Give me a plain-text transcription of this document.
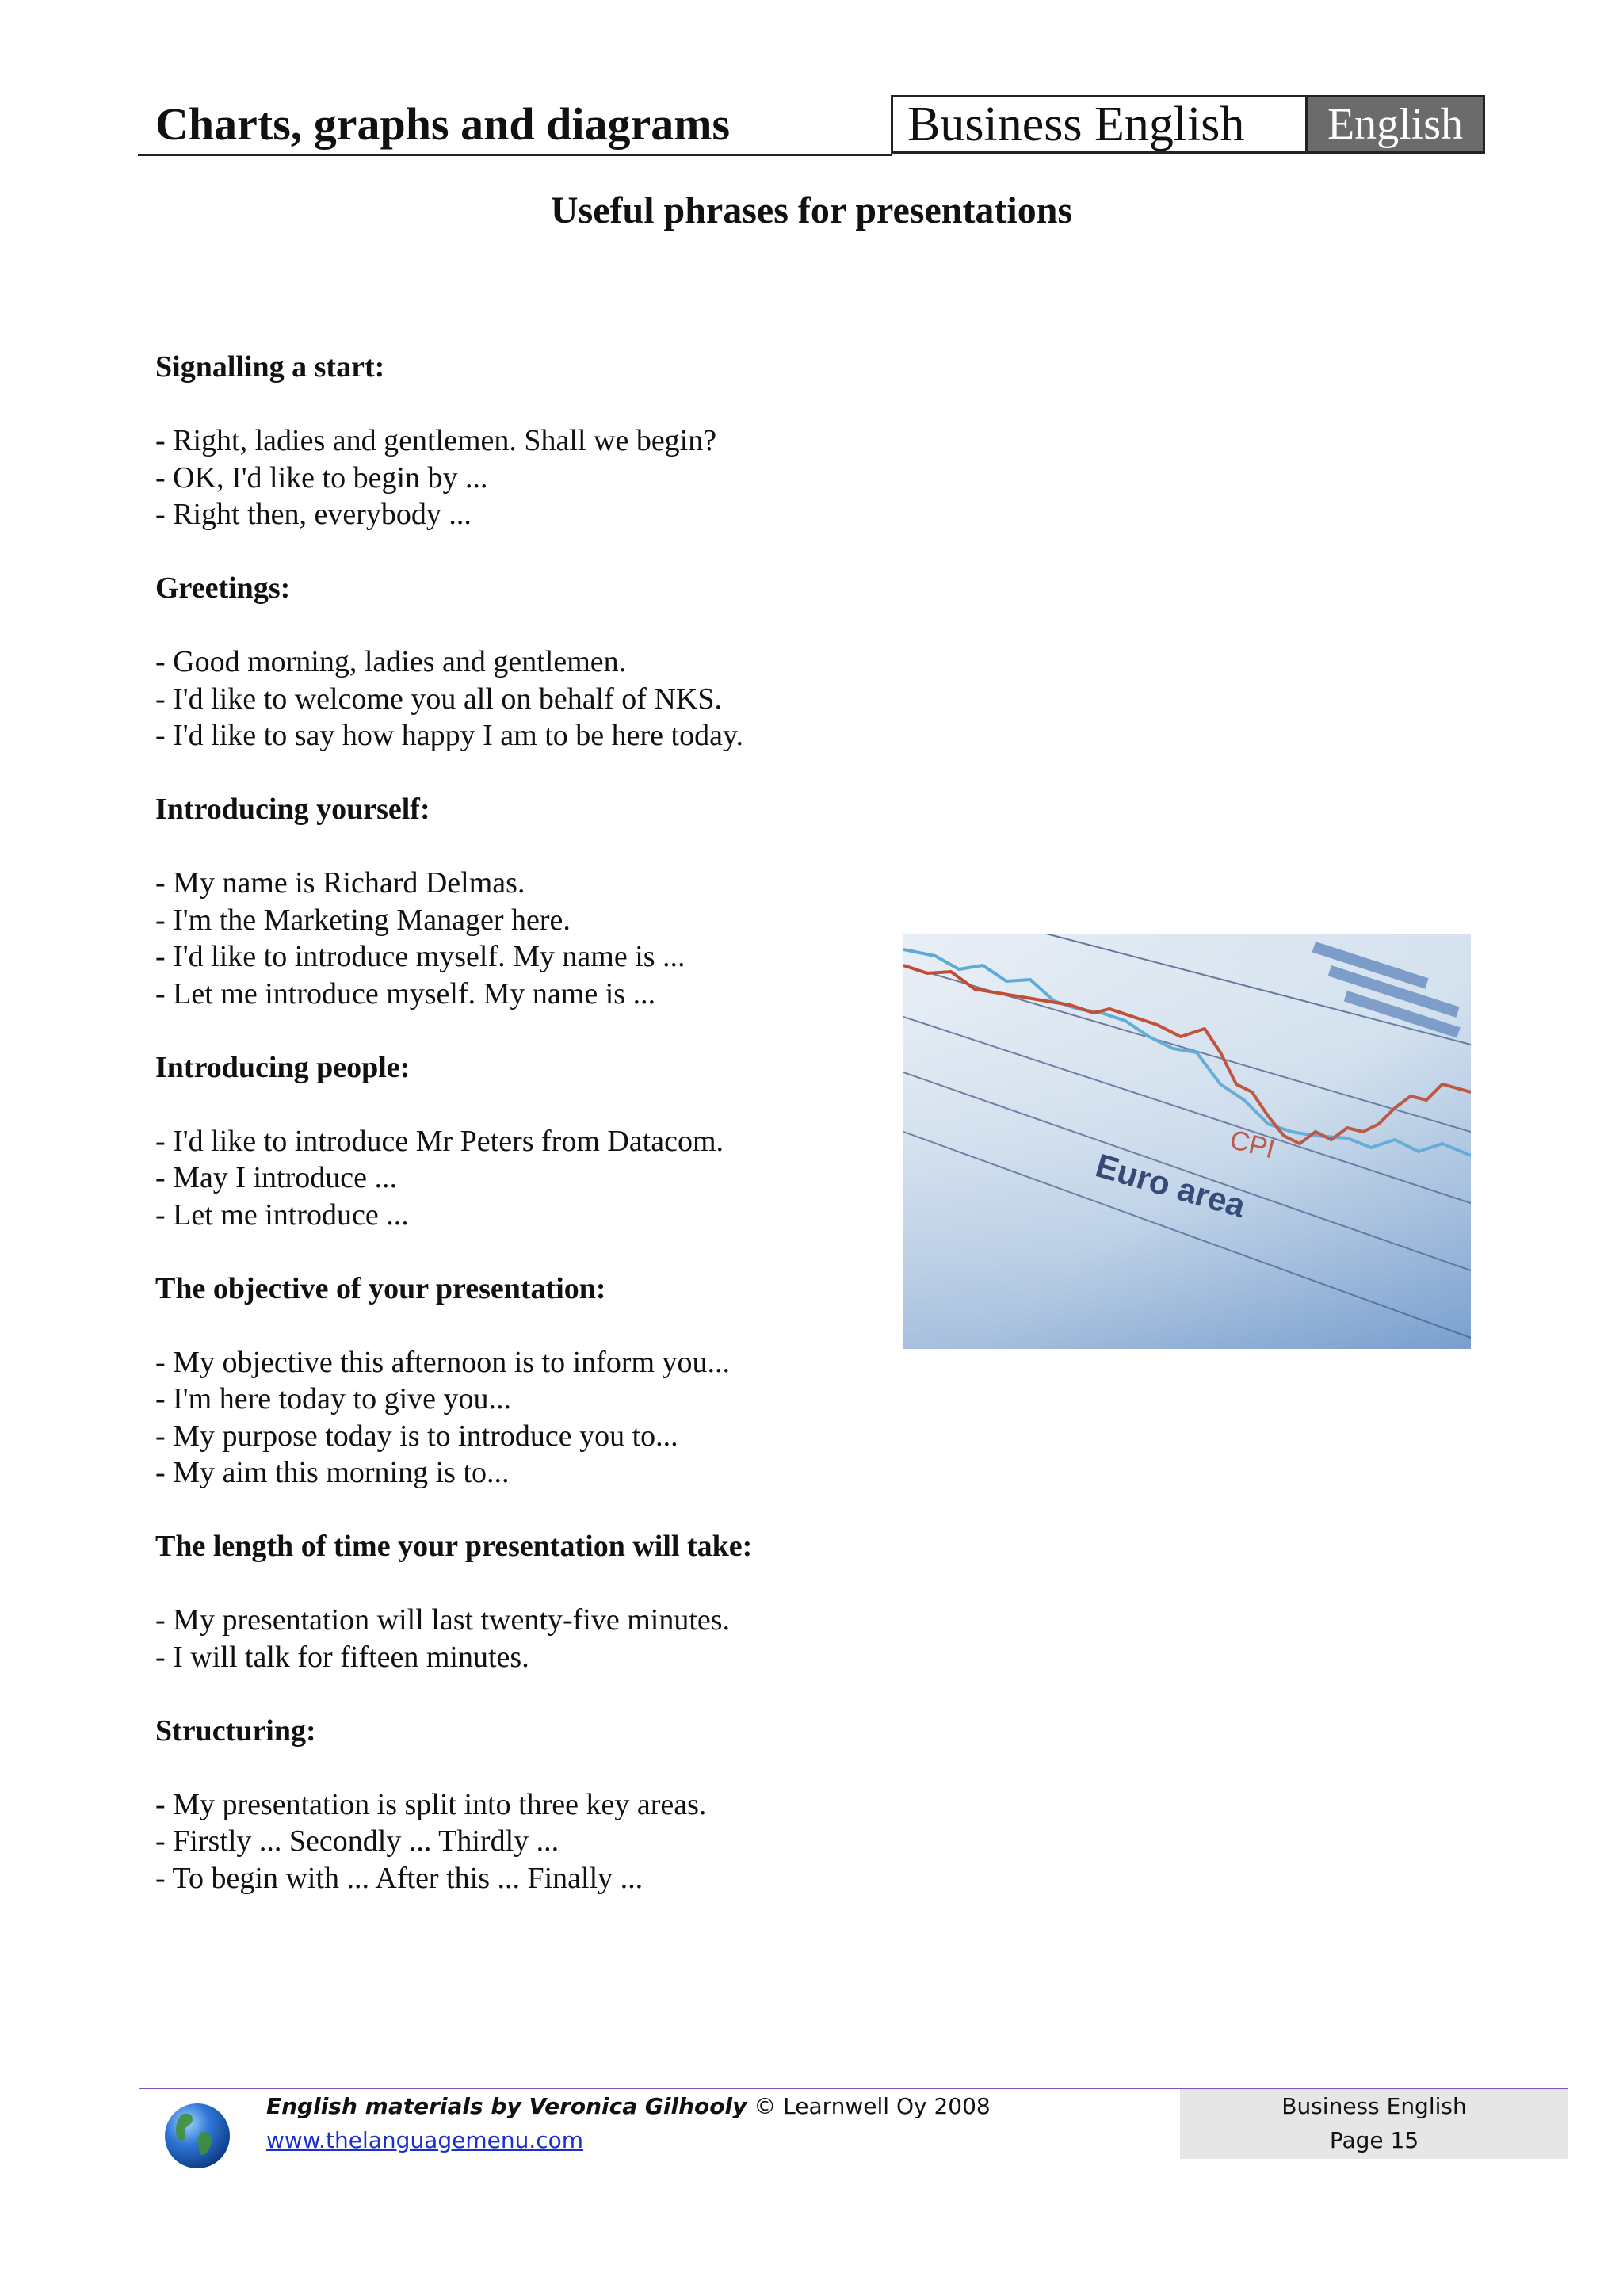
Charts, graphs and diagrams	Business English	English
Useful phrases for presentations

Signalling a start:

- Right, ladies and gentlemen. Shall we begin?

- OK, I'd like to begin by ...

- Right then, everybody ...

Greetings:

- Good morning, ladies and gentlemen.

- I'd like to welcome you all on behalf of NKS.

- I'd like to say how happy I am to be here today.

Introducing yourself:

- My name is Richard Delmas.

- I'm the Marketing Manager here.

- I'd like to introduce myself. My name is ...

- Let me introduce myself. My name is ...

Introducing people:

- I'd like to introduce Mr Peters from Datacom.

- May I introduce ...

- Let me introduce ...

The objective of your presentation:

- My objective this afternoon is to inform you...

- I'm here today to give you...

- My purpose today is to introduce you to...

- My aim this morning is to...

The length of time your presentation will take:

- My presentation will last twenty-five minutes.

- I will talk for fifteen minutes.

Structuring:

- My presentation is split into three key areas.

- Firstly ... Secondly ... Thirdly ...

- To begin with ... After this ... Finally ...

English materials by Veronica Gilhooly © Learnwell Oy 2008
www.thelanguagemenu.com
Business English
Page 15
